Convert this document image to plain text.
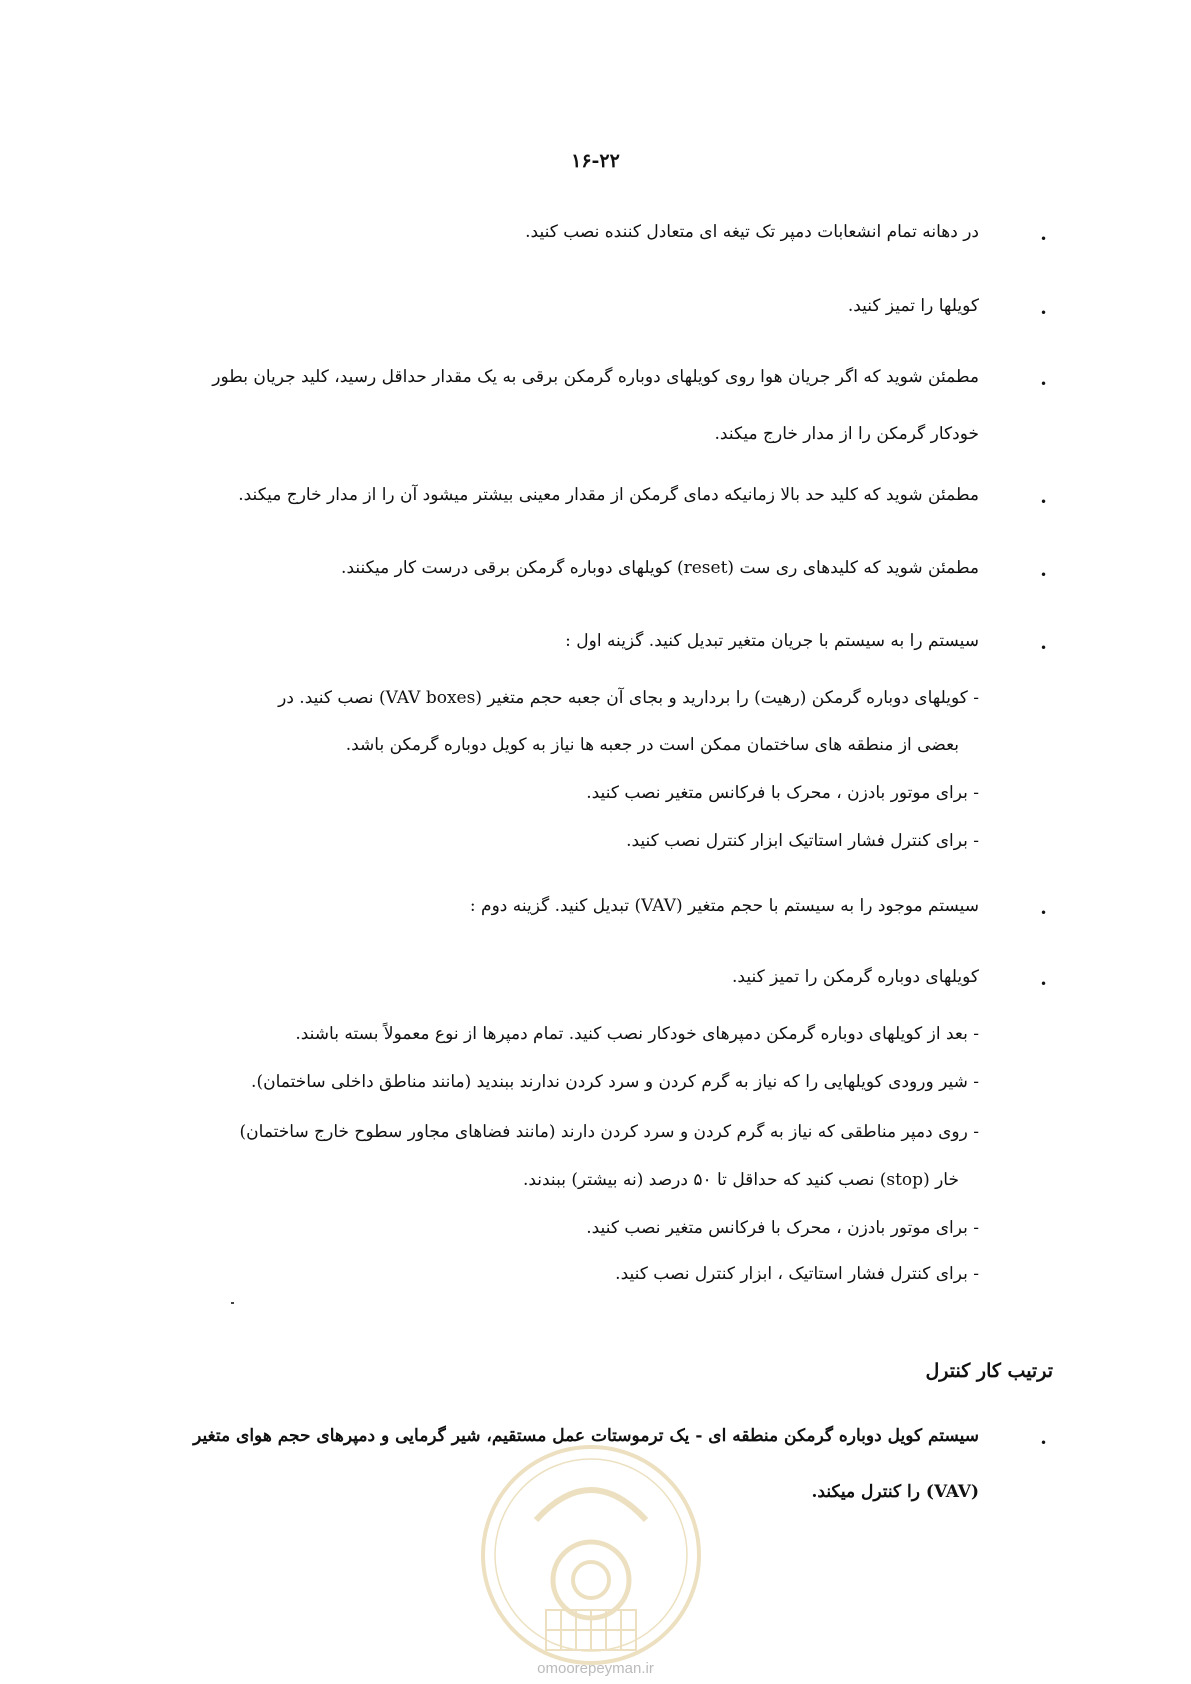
۱۶-۲۲
•
•
•
•
•
•
•
•
•
در دهانه تمام انشعابات دمپر تک تیغه ای متعادل کننده نصب کنید.
کویلها را تمیز کنید.
مطمئن شوید که اگر جریان هوا روی کویلهای دوباره گرمکن برقی به یک مقدار حداقل رسید، کلید جریان بطور
خودکار گرمکن را از مدار خارج میکند.
مطمئن شوید که کلید حد بالا زمانیکه دمای گرمکن از مقدار معینی بیشتر میشود آن را از مدار خارج میکند.
مطمئن شوید که کلیدهای ری ست (reset) کویلهای دوباره گرمکن برقی درست کار میکنند.
سیستم را به سیستم با جریان متغیر تبدیل کنید. گزینه اول :
- کویلهای دوباره گرمکن (رهیت) را بردارید و بجای آن جعبه حجم متغیر (VAV boxes) نصب کنید. در
بعضی از منطقه های ساختمان ممکن است در جعبه ها نیاز به کویل دوباره گرمکن باشد.
- برای موتور بادزن ، محرک با فرکانس متغیر نصب کنید.
- برای کنترل فشار استاتیک ابزار کنترل نصب کنید.
سیستم موجود را به سیستم با حجم متغیر (VAV) تبدیل کنید. گزینه دوم :
کویلهای دوباره گرمکن را تمیز کنید.
- بعد از کویلهای دوباره گرمکن دمپرهای خودکار نصب کنید. تمام دمپرها از نوع معمولاً بسته باشند.
- شیر ورودی کویلهایی را که نیاز به گرم کردن و سرد کردن ندارند ببندید (مانند مناطق داخلی ساختمان).
- روی دمپر مناطقی که نیاز به گرم کردن و سرد کردن دارند (مانند فضاهای مجاور سطوح خارج ساختمان)
خار (stop) نصب کنید که حداقل تا ۵۰ درصد (نه بیشتر) ببندند.
- برای موتور بادزن ، محرک با فرکانس متغیر نصب کنید.
- برای کنترل فشار استاتیک ، ابزار کنترل نصب کنید.
ترتیب کار کنترل
سیستم کویل دوباره گرمکن منطقه ای - یک ترموستات عمل مستقیم، شیر گرمایی و دمپرهای حجم هوای متغیر
(VAV) را کنترل میکند.
omoorepeyman.ir
